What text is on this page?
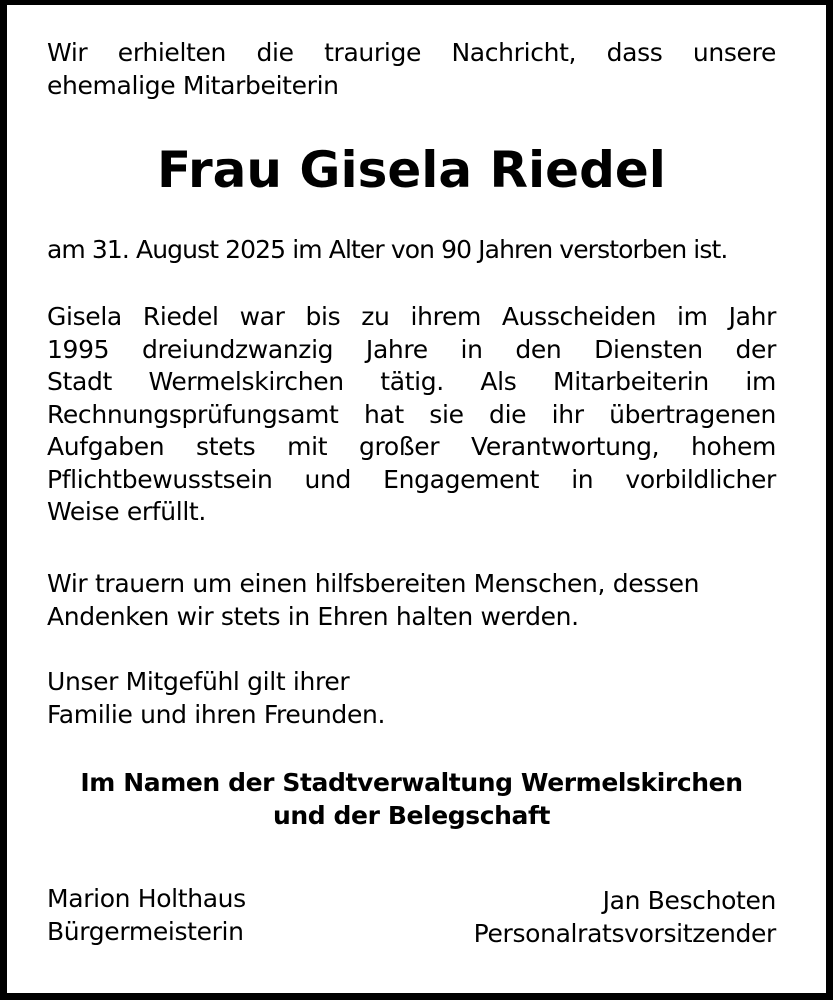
Wir erhielten die traurige Nachricht, dass unsere
ehemalige Mitarbeiterin
Frau Gisela Riedel
am 31. August 2025 im Alter von 90 Jahren verstorben ist.
Gisela Riedel war bis zu ihrem Ausscheiden im Jahr
1995 dreiundzwanzig Jahre in den Diensten der
Stadt Wermelskirchen tätig. Als Mitarbeiterin im
Rechnungsprüfungsamt hat sie die ihr übertragenen
Aufgaben stets mit großer Verantwortung, hohem
Pflichtbewusstsein und Engagement in vorbildlicher
Weise erfüllt.
Wir trauern um einen hilfsbereiten Menschen, dessen
Andenken wir stets in Ehren halten werden.
Unser Mitgefühl gilt ihrer
Familie und ihren Freunden.
Im Namen der Stadtverwaltung Wermelskirchen
und der Belegschaft
Marion Holthaus
Bürgermeisterin
Jan Beschoten
Personalratsvorsitzender
